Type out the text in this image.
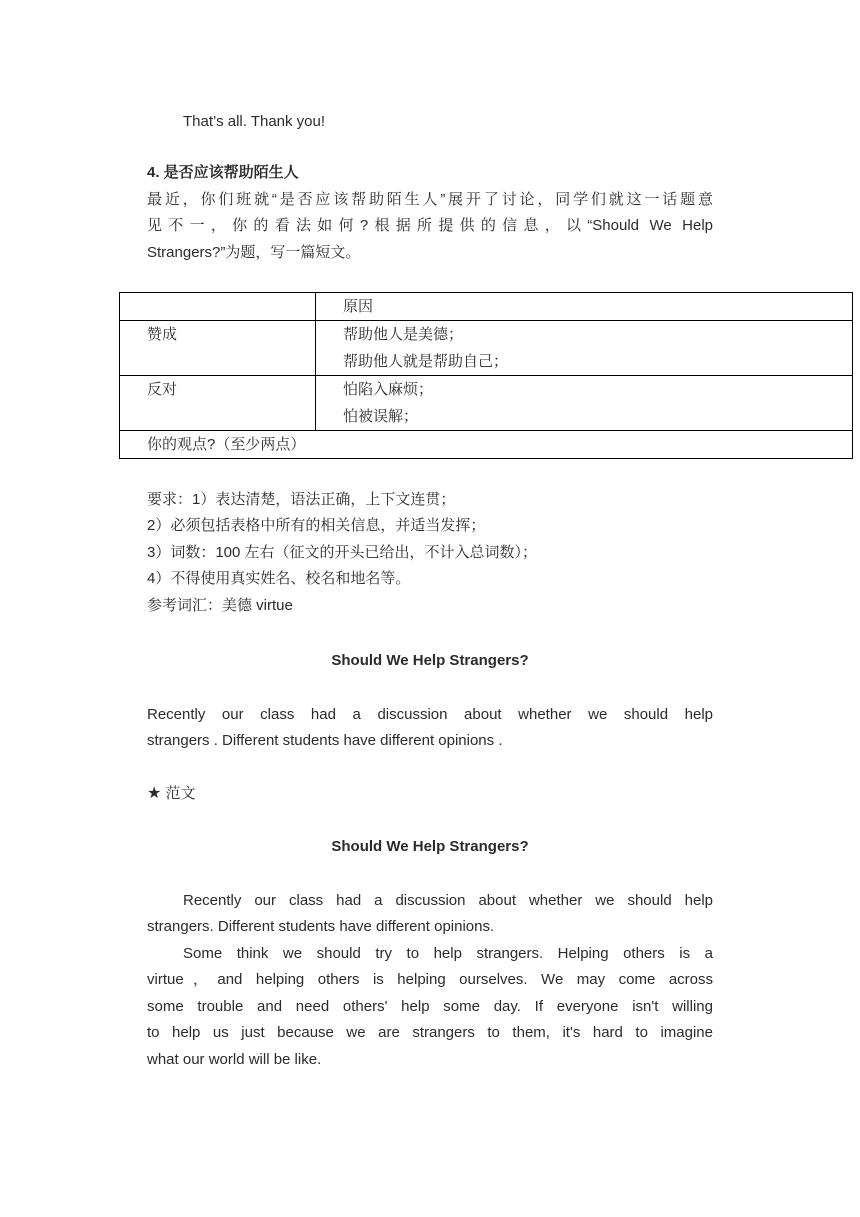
That’s all. Thank you!
4. 是否应该帮助陌生人
最近，你们班就“是否应该帮助陌生人”展开了讨论，同学们就这一话题意
见不一，你的看法如何?根据所提供的信息，以“Should We Help
Strangers?”为题，写一篇短文。
要求：1）表达清楚，语法正确，上下文连贯；
2）必须包括表格中所有的相关信息，并适当发挥；
3）词数：100 左右（征文的开头已给出，不计入总词数）；
4）不得使用真实姓名、校名和地名等。
参考词汇：美德 virtue
Should We Help Strangers?
Recently our class had a discussion about whether we should help
strangers . Different students have different opinions .
★ 范文
Should We Help Strangers?
Recently our class had a discussion about whether we should help
strangers. Different students have different opinions.
Some think we should try to help strangers. Helping others is a
virtue，and helping others is helping ourselves. We may come across
some trouble and need others' help some day. If everyone isn't willing
to help us just because we are strangers to them, it's hard to imagine
what our world will be like.
	原因
赞成	帮助他人是美德；
帮助他人就是帮助自己；

反对	怕陷入麻烦；
怕被误解；

你的观点?（至少两点）	
